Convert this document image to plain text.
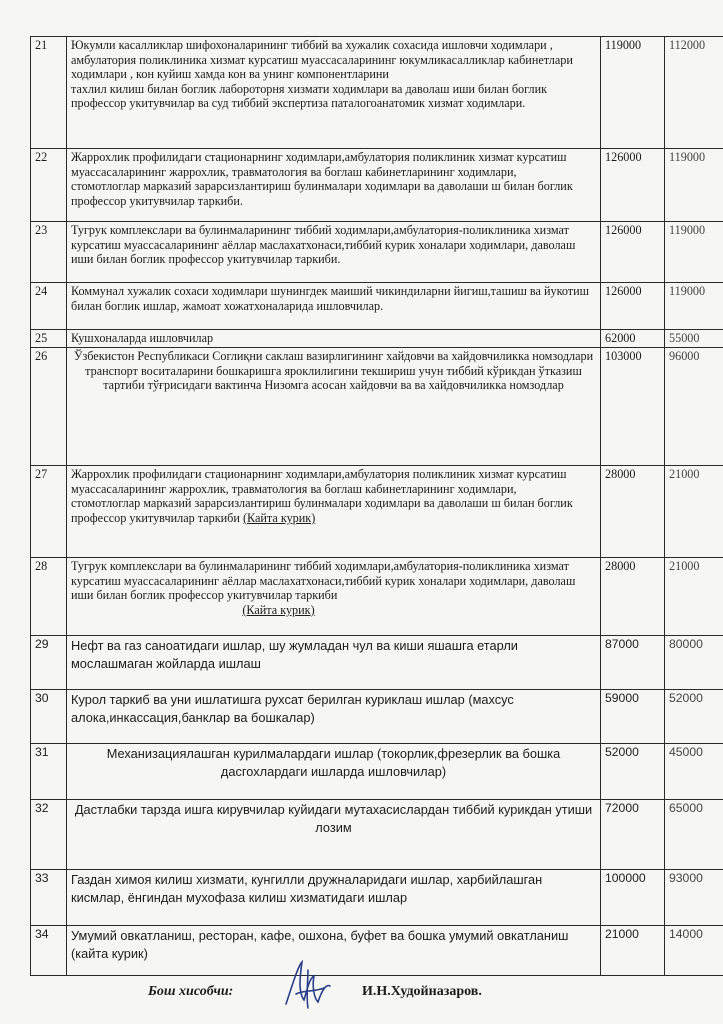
21	Юкумли касалликлар шифохоналарининг тиббий ва хужалик сохасида ишловчи ходимлари , амбулатория поликлиника хизмат курсатиш муассасаларининг юкумликасалликлар кабинетлари ходимлари , кон куйиш хамда кон ва унинг компонентларини
тахлил килиш билан боглик лабороторня хизмати ходимлари ва даволаш иши билан боглик профессор укитувчилар ва суд тиббий экспертиза паталогоанатомик хизмат ходимлари.	119000	112000
22	Жаррохлик профилидаги стационарнинг ходимлари,амбулатория поликлиник хизмат курсатиш муассасаларининг жаррохлик, травматология ва боглаш кабинетларининг ходимлари,
стомотлоглар марказий зарарсизлантириш булинмалари ходимлари ва даволаши ш билан боглик профессор укитувчилар таркиби.	126000	119000
23	Тугрук комплекслари ва булинмаларининг тиббий ходимлари,амбулатория-поликлиника хизмат курсатиш муассасаларининг аёллар маслахатхонаси,тиббий курик хоналари ходимлари, даволаш иши билан боглик профессор укитувчилар таркиби.	126000	119000
24	Коммунал хужалик сохаси ходимлари шунингдек маиший чикиндиларни йигиш,ташиш ва йукотиш билан боглик ишлар, жамоат хожатхоналарида ишловчилар.	126000	119000
25	Кушхоналарда ишловчилар	62000	55000
26	Ўзбекистон Республикаси Соглиқни саклаш вазирлигининг хайдовчи ва хайдовчиликка номзодлари транспорт воситаларини бошкаришга яроклилигини текшириш учун тиббий кўрикдан ўтказиш тартиби тўғрисидаги вактинча Низомга асосан хайдовчи ва ва хайдовчиликка номзодлар	103000	96000
27	Жаррохлик профилидаги стационарнинг ходимлари,амбулатория поликлиник хизмат курсатиш муассасаларининг жаррохлик, травматология ва боглаш кабинетларининг ходимлари,
стомотлоглар марказий зарарсизлантириш булинмалари ходимлари ва даволаши ш билан боглик профессор укитувчилар таркиби (Кайта курик)	28000	21000
28	Тугрук комплекслари ва булинмаларининг тиббий ходимлари,амбулатория-поликлиника хизмат курсатиш муассасаларининг аёллар маслахатхонаси,тиббий курик хоналари ходимлари, даволаш иши билан боглик профессор укитувчилар таркиби
(Кайта курик)	28000	21000
29	Нефт ва газ саноатидаги ишлар, шу жумладан чул ва киши яшашга етарли мослашмаган жойларда ишлаш	87000	80000
30	Курол таркиб ва уни ишлатишга рухсат берилган курикл​аш ишлар (махсус алока,инкассация,банклар ва бошкалар)	59000	52000
31	Механизациялашган курилмалардаги ишлар (токорлик,фрезерлик ва бошка дасгохлардаги ишларда ишловчилар)	52000	45000
32	Дастлабки тарзда ишга кирувчилар куйидаги мутахасислардан тиббий курикдан утиши лозим	72000	65000
33	Газдан химоя килиш хизмати, кунгилли дружналаридаги ишлар, харбийлашган кисмлар, ёнгиндан мухофаза килиш хизматидаги ишлар	100000	93000
34	Умумий овкатланиш, ресторан, кафе, ошхона, буфет ва бошка умумий овкатланиш (кайта курик)	21000	14000
Бош хисобчи:	И.Н.Худойназаров.
